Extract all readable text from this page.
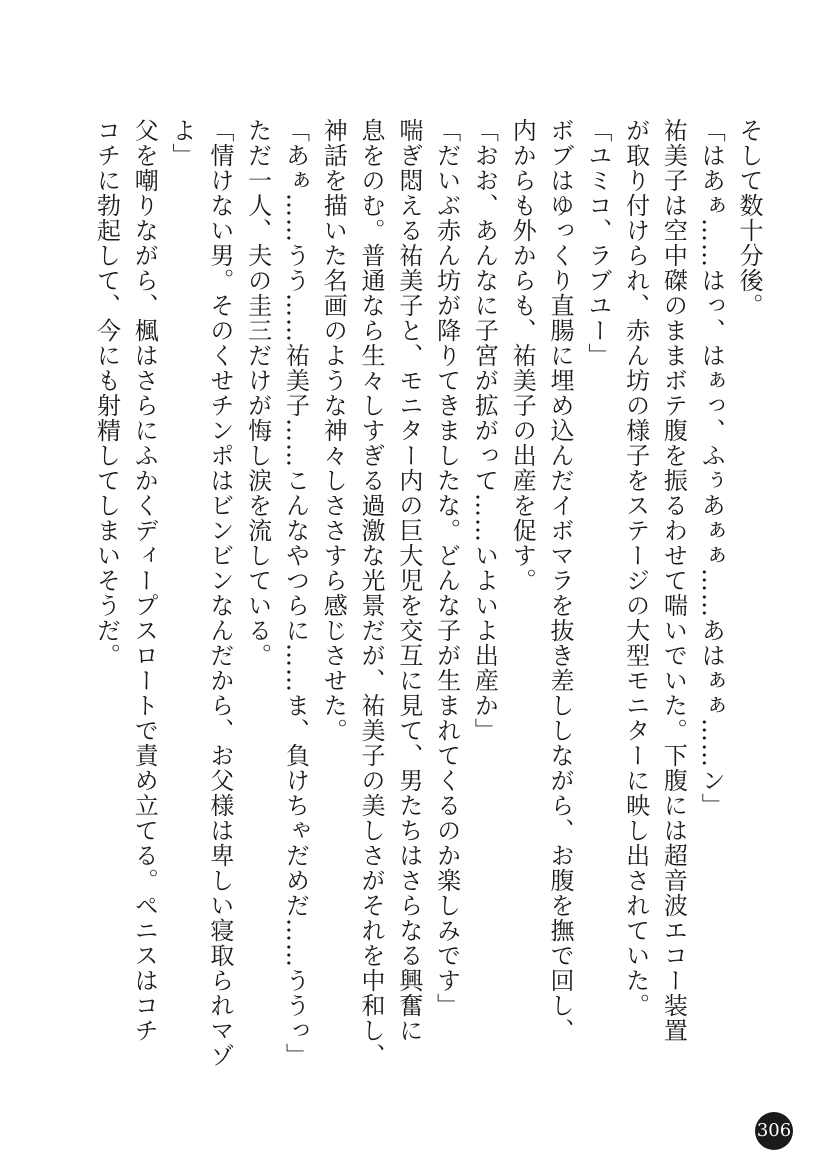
そして数十分後。

「はあぁ……はっ、はぁっ、ふぅあぁぁ……あはぁぁ……ン」

祐美子は空中磔のままボテ腹を振るわせて喘いでいた。下腹には超音波エコー装置

が取り付けられ、赤ん坊の様子をステージの大型モニターに映し出されていた。

「ユミコ、ラブユー」

ボブはゆっくり直腸に埋め込んだイボマラを抜き差ししながら、お腹を撫で回し、

内からも外からも、祐美子の出産を促す。

「おお、あんなに子宮が拡がって……いよいよ出産か」

「だいぶ赤ん坊が降りてきましたな。どんな子が生まれてくるのか楽しみです」

喘ぎ悶える祐美子と、モニター内の巨大児を交互に見て、男たちはさらなる興奮に

息をのむ。普通なら生々しすぎる過激な光景だが、祐美子の美しさがそれを中和し、

神話を描いた名画のような神々しささすら感じさせた。

「あぁ……うう……祐美子……こんなやつらに……ま、負けちゃだめだ……ううっ」

ただ一人、夫の圭三だけが悔し涙を流している。

「情けない男。そのくせチンポはビンビンなんだから、お父様は卑しい寝取られマゾ

よ」

父を嘲りながら、楓はさらにふかくディープスロートで責め立てる。ペニスはコチ

コチに勃起して、今にも射精してしまいそうだ。

306
